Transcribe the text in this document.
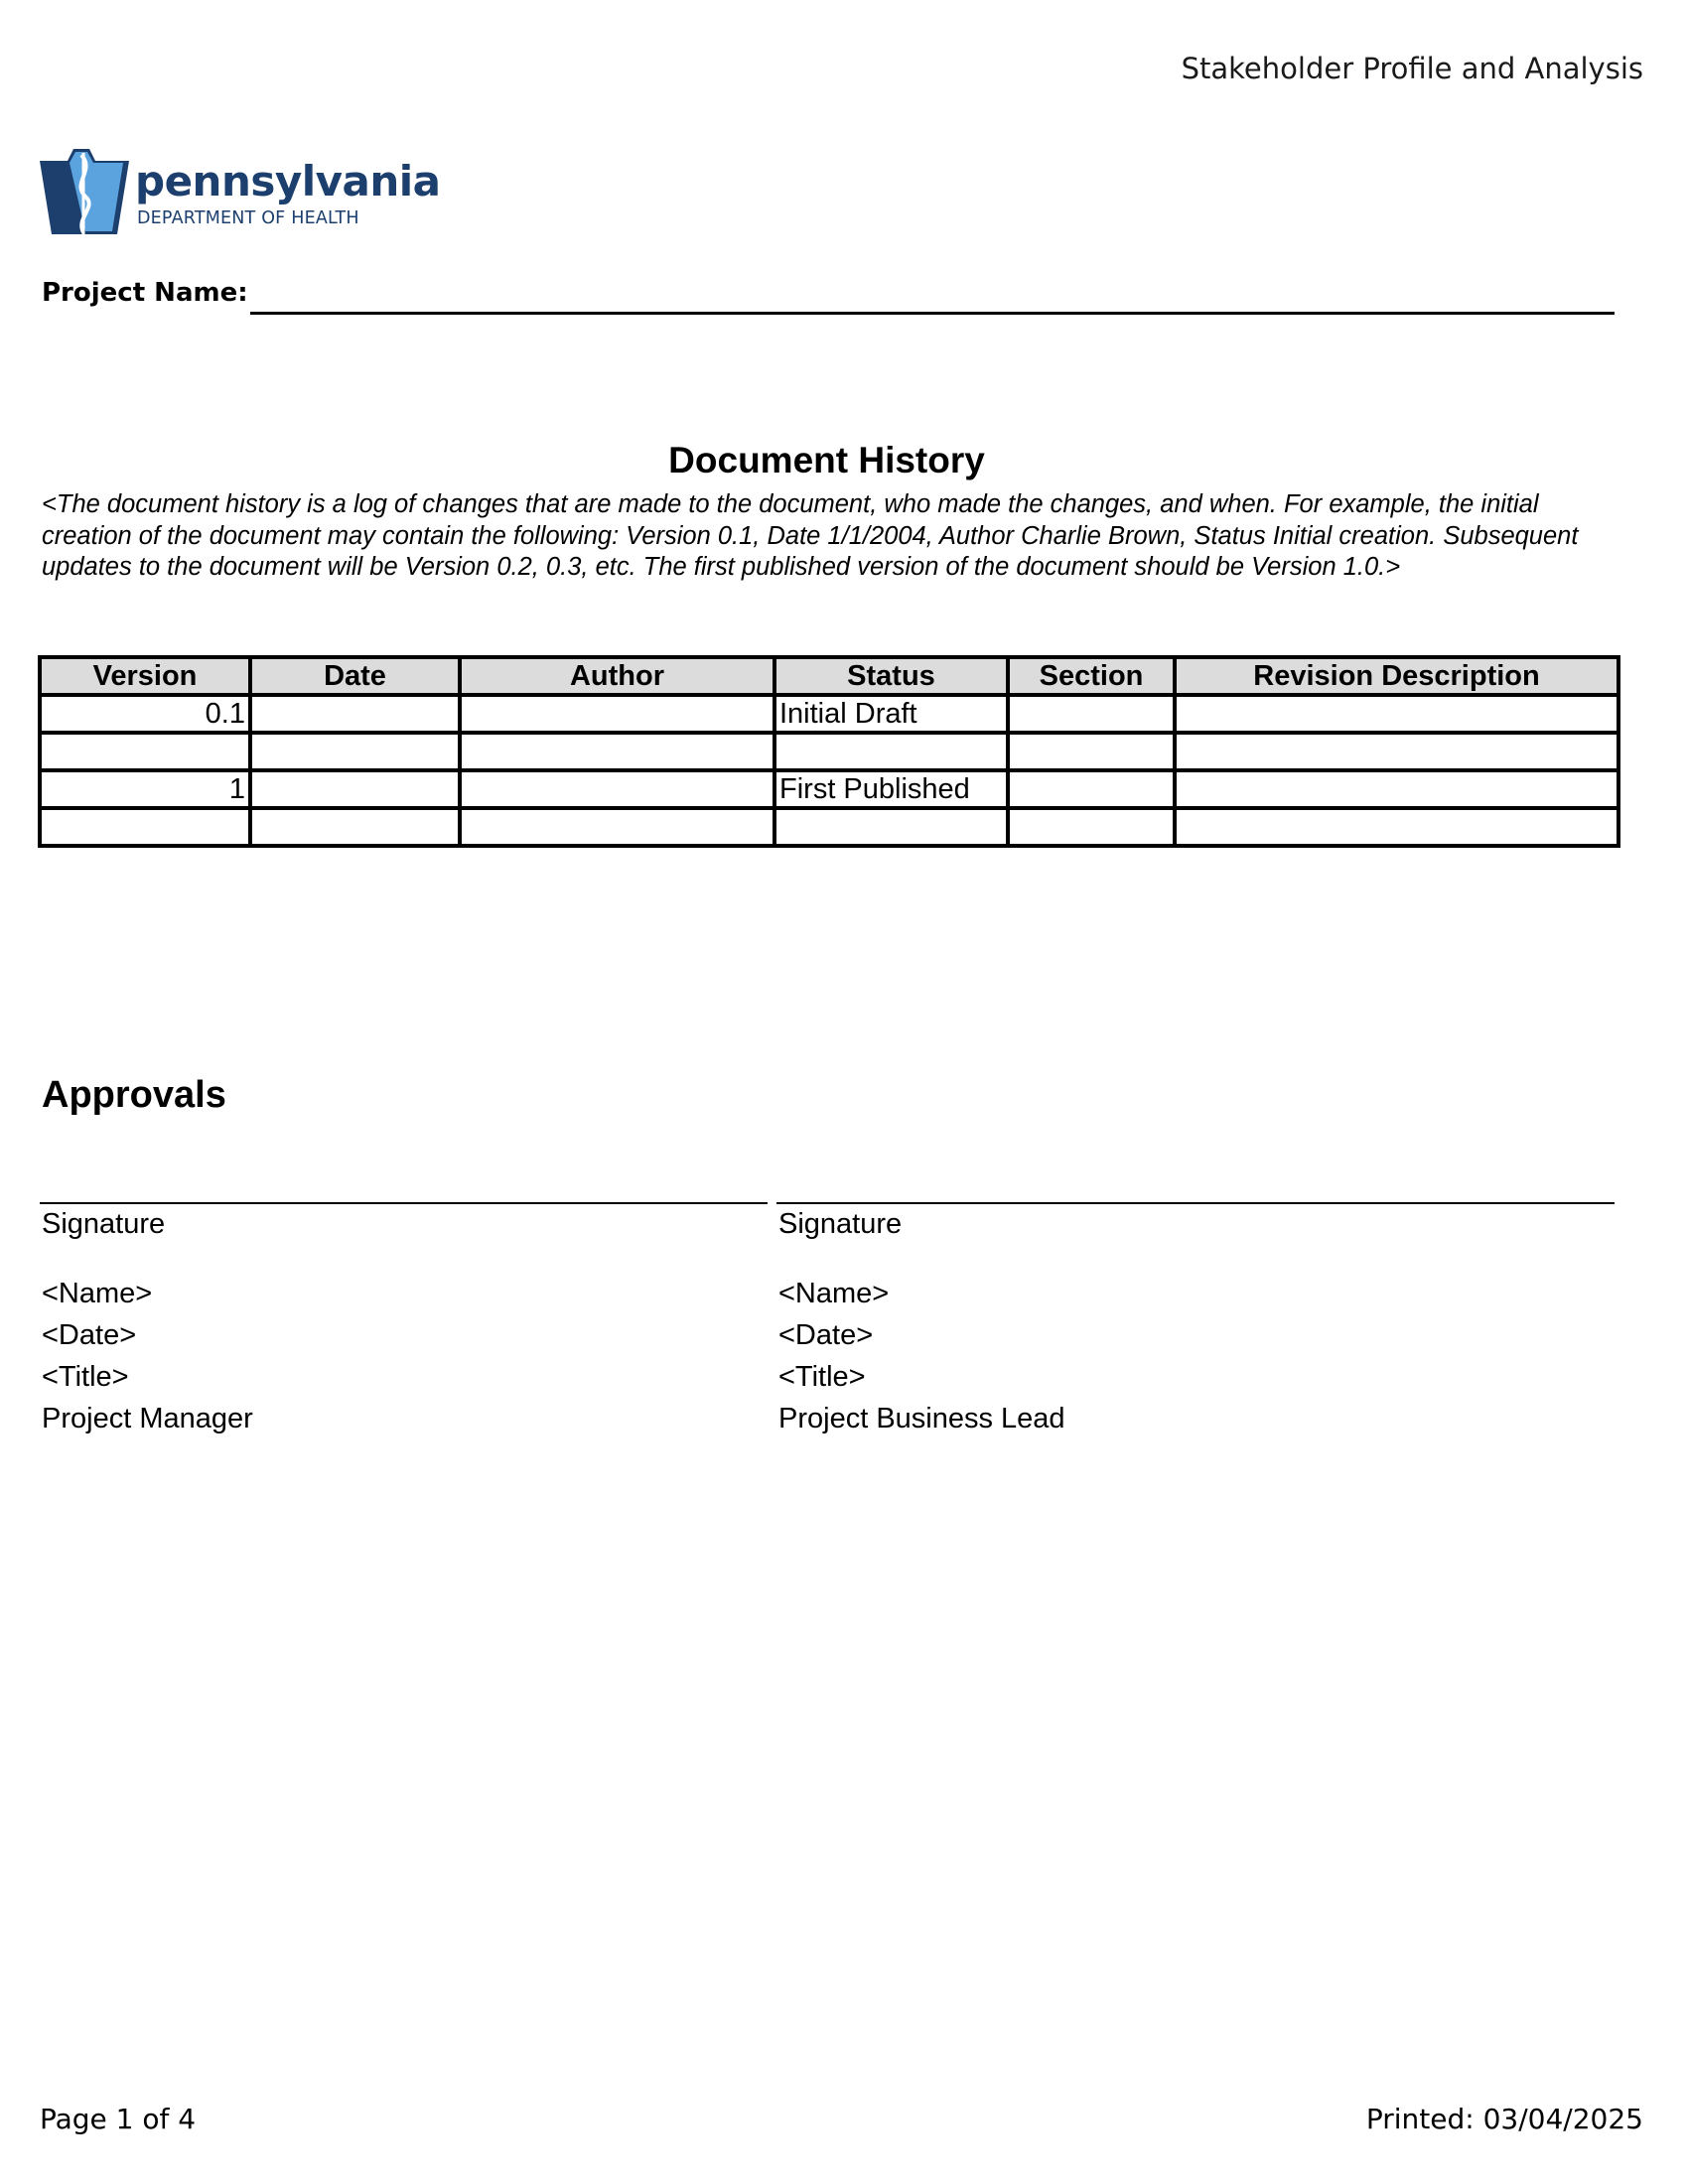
Stakeholder Profile and Analysis
pennsylvania
DEPARTMENT OF HEALTH
Project Name:
Document History
<The document history is a log of changes that are made to the document, who made the changes, and when. For example, the initial creation of the document may contain the following: Version 0.1, Date 1/1/2004, Author Charlie Brown, Status Initial creation. Subsequent updates to the document will be Version 0.2, 0.3, etc. The first published version of the document should be Version 1.0.>
Version	Date	Author	Status	Section	Revision Description
0.1			Initial Draft		

1			First Published		

Approvals
Signature
<Name>
<Date>
<Title>
Project Manager
Signature
<Name>
<Date>
<Title>
Project Business Lead
Page 1 of 4	Printed: 03/04/2025
